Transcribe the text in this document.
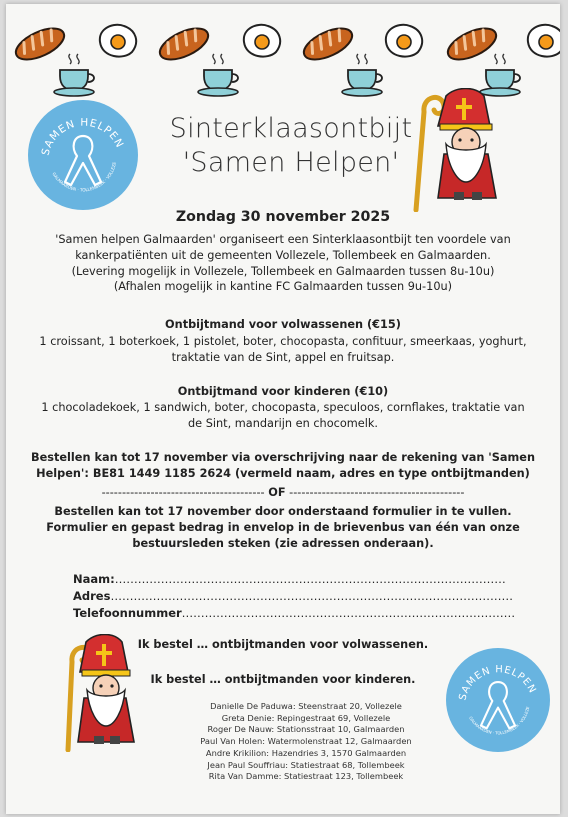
SAMEN HELPEN
GALMAARDEN · TOLLEMBEEK · VOLLEZE
Sinterklaasontbijt
'Samen Helpen'
Zondag 30 november 2025
'Samen helpen Galmaarden' organiseert een Sinterklaasontbijt ten voordele van
kankerpatiënten uit de gemeenten Vollezele, Tollembeek en Galmaarden.
(Levering mogelijk in Vollezele, Tollembeek en Galmaarden tussen 8u-10u)
(Afhalen mogelijk in kantine FC Galmaarden tussen 9u-10u)
Ontbijtmand voor volwassenen (€15)
1 croissant, 1 boterkoek, 1 pistolet, boter, chocopasta, confituur, smeerkaas, yoghurt,
traktatie van de Sint, appel en fruitsap.
Ontbijtmand voor kinderen (€10)
1 chocoladekoek, 1 sandwich, boter, chocopasta, speculoos, cornflakes, traktatie van
de Sint, mandarijn en chocomelk.
Bestellen kan tot 17 november via overschrijving naar de rekening van 'Samen
Helpen': BE81 1449 1185 2624 (vermeld naam, adres en type ontbijtmanden)
---------------------------------------- OF -------------------------------------------
Bestellen kan tot 17 november door onderstaand formulier in te vullen.
Formulier en gepast bedrag in envelop in de brievenbus van één van onze
bestuursleden steken (zie adressen onderaan).
Naam:…………………………………………………………………………………………
Adres……………………………………………………………………………………………
Telefoonnummer……………………………………………………………………………
Ik bestel … ontbijtmanden voor volwassenen.
Ik bestel … ontbijtmanden voor kinderen.
Danielle De Paduwa: Steenstraat 20, Vollezele
Greta Denie: Repingestraat 69, Vollezele
Roger De Nauw: Stationsstraat 10, Galmaarden
Paul Van Holen: Watermolenstraat 12, Galmaarden
Andre Krikilion: Hazendries 3, 1570 Galmaarden
Jean Paul Souffriau: Statiestraat 68, Tollembeek
Rita Van Damme: Statiestraat 123, Tollembeek
SAMEN HELPEN
GALMAARDEN · TOLLEMBEEK · VOLLEZE
